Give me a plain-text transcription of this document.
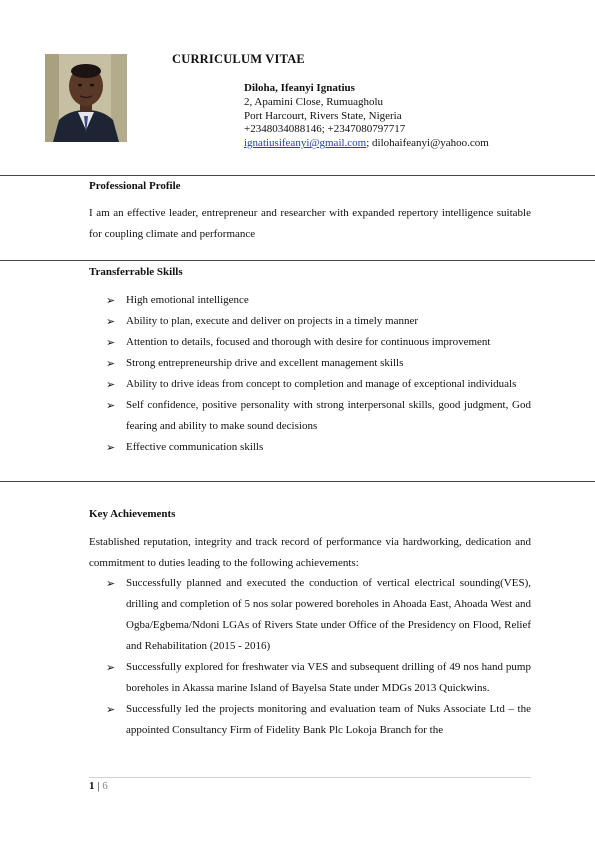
CURRICULUM VITAE
Diloha, Ifeanyi Ignatius
2, Apamini Close, Rumuagholu
Port Harcourt, Rivers State, Nigeria
+2348034088146; +2347080797717
ignatiusifeanyi@gmail.com; dilohaifeanyi@yahoo.com
Professional Profile
I am an effective leader, entrepreneur and researcher with expanded repertory intelligence suitable for coupling climate and performance
Transferrable Skills
➢ High emotional intelligence
➢ Ability to plan, execute and deliver on projects in a timely manner
➢ Attention to details, focused and thorough with desire for continuous improvement
➢ Strong entrepreneurship drive and excellent management skills
➢ Ability to drive ideas from concept to completion and manage of exceptional individuals
➢ Self confidence, positive personality with strong interpersonal skills, good judgment, God fearing and ability to make sound decisions
➢ Effective communication skills
Key Achievements
Established reputation, integrity and track record of performance via hardworking, dedication and commitment to duties leading to the following achievements:
➢ Successfully planned and executed the conduction of vertical electrical sounding(VES), drilling and completion of 5 nos solar powered boreholes in Ahoada East, Ahoada West and Ogba/Egbema/Ndoni LGAs of Rivers State under Office of the Presidency on Flood, Relief and Rehabilitation (2015 - 2016)
➢ Successfully explored for freshwater via VES and subsequent drilling of 49 nos hand pump boreholes in Akassa marine Island of Bayelsa State under MDGs 2013 Quickwins.
➢ Successfully led the projects monitoring and evaluation team of Nuks Associate Ltd – the appointed Consultancy Firm of Fidelity Bank Plc Lokoja Branch for the
1 | 6
